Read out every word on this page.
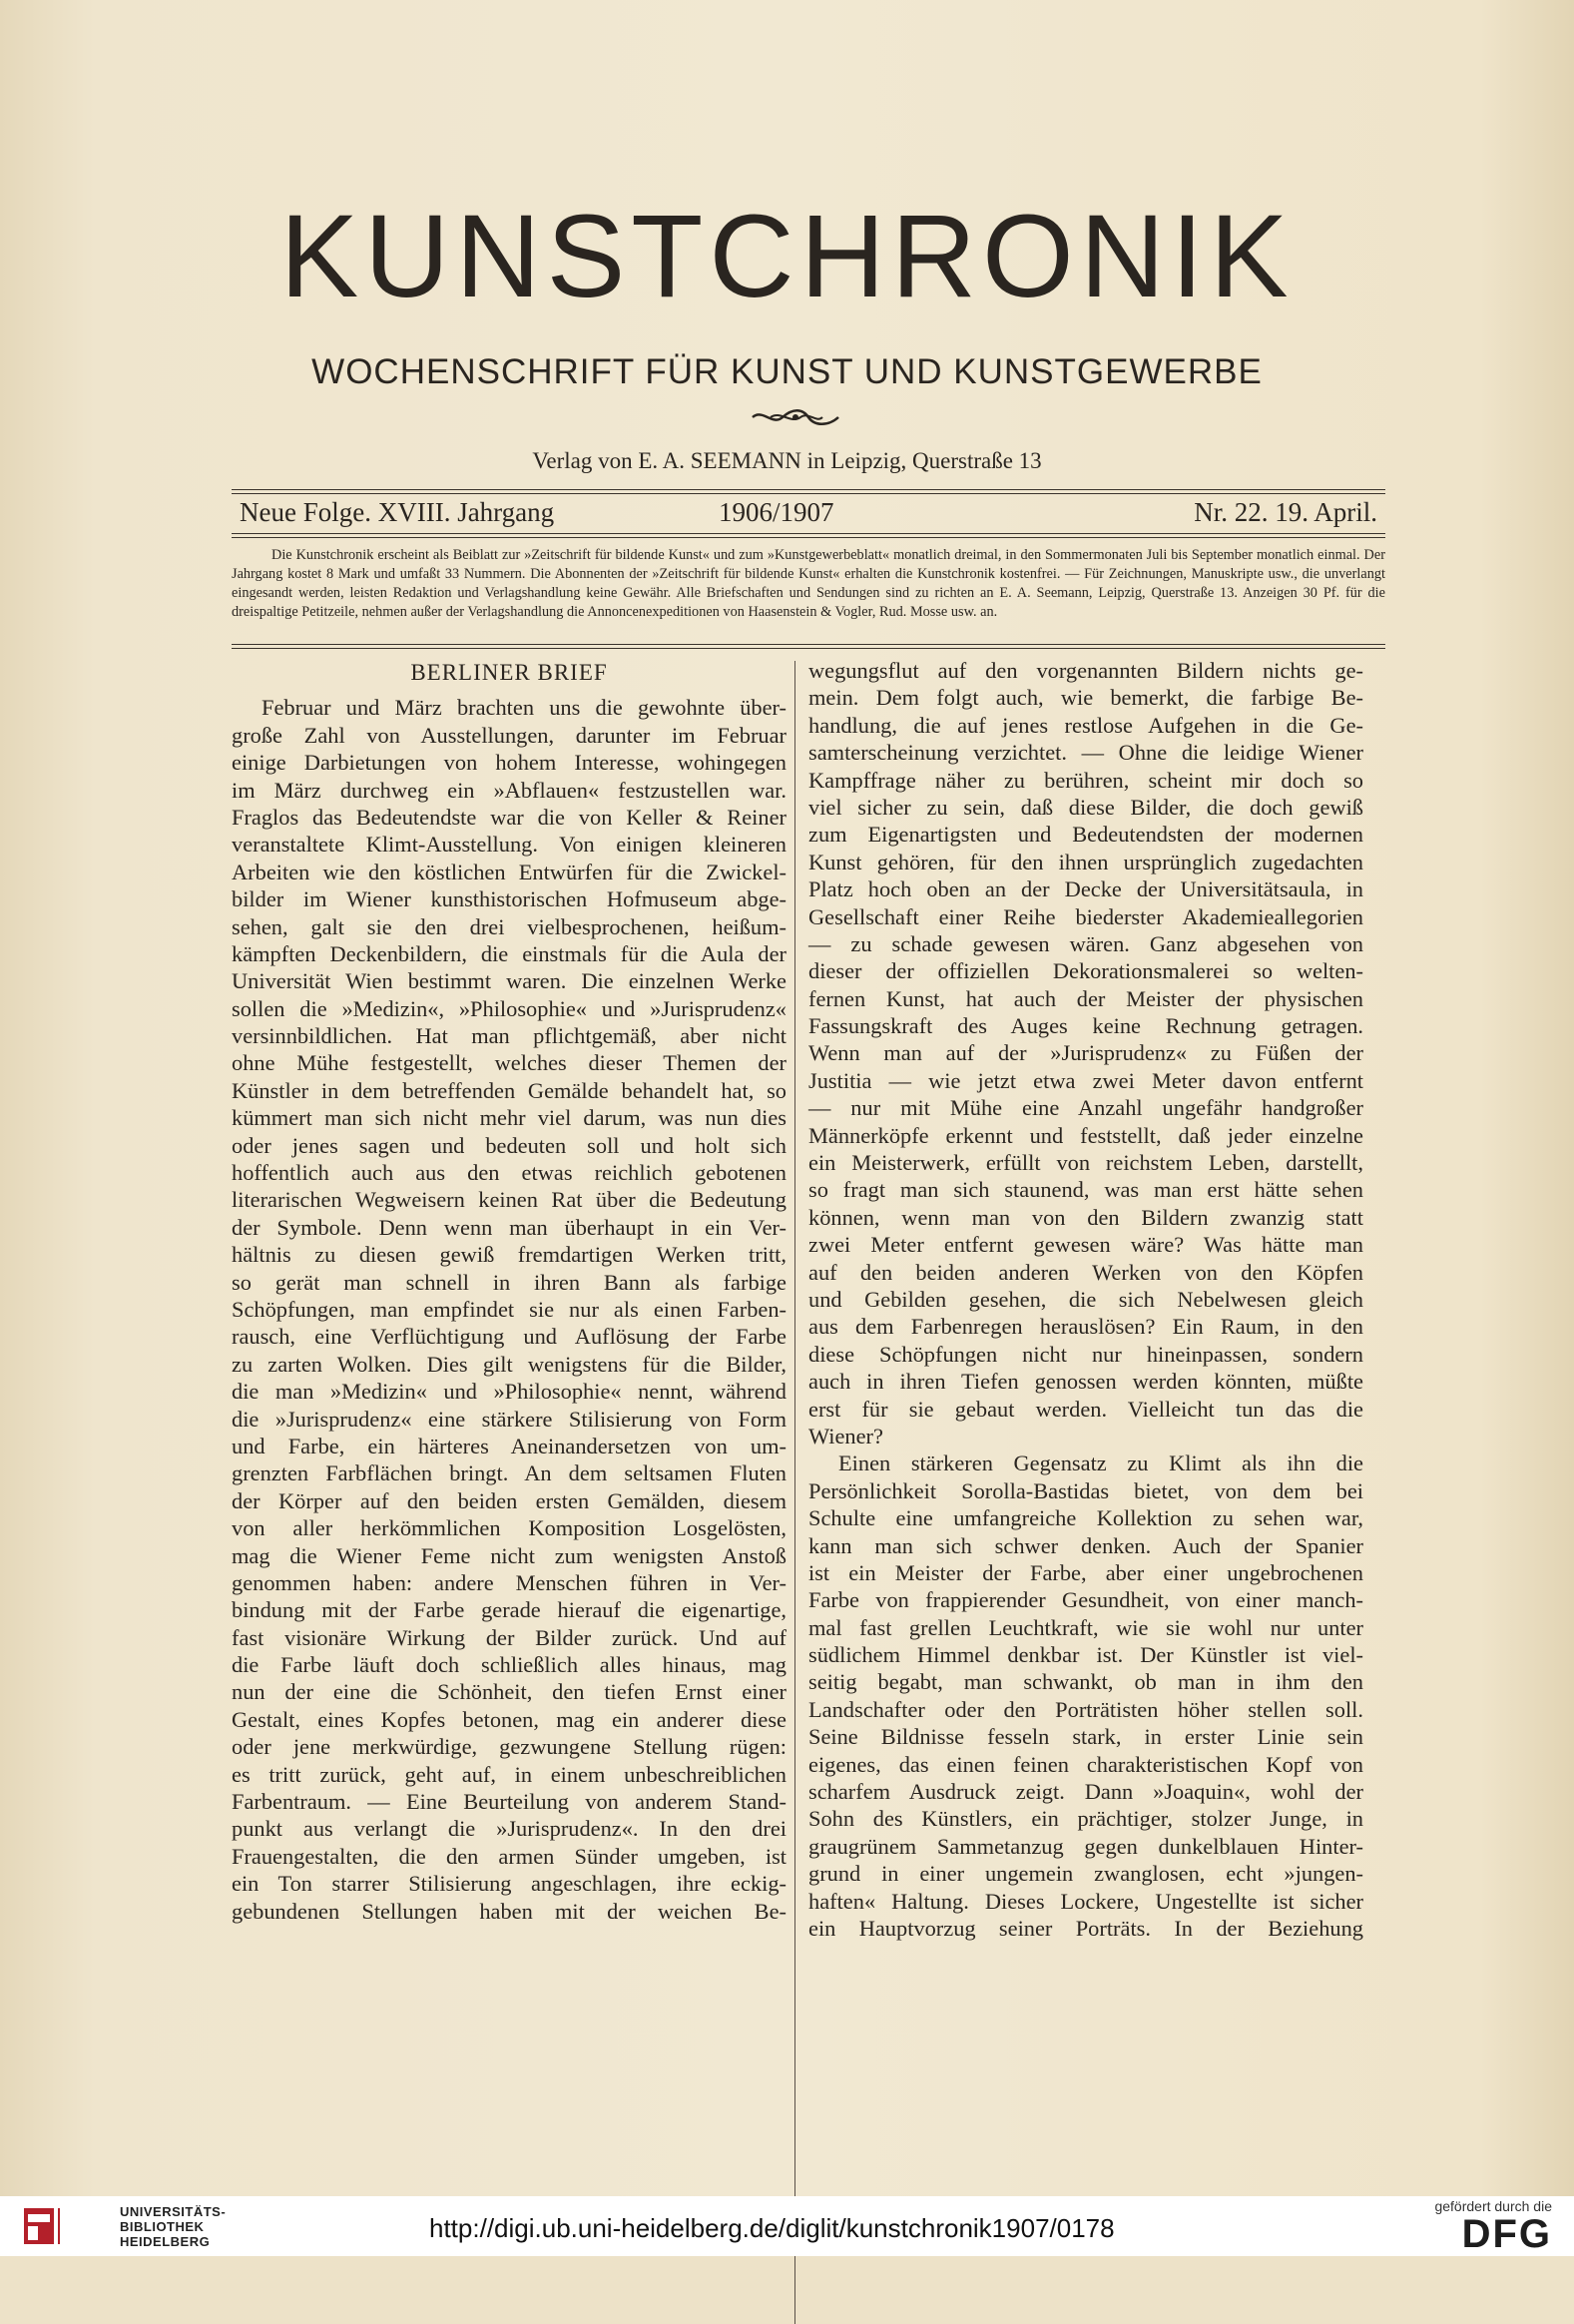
KUNSTCHRONIK
WOCHENSCHRIFT FÜR KUNST UND KUNSTGEWERBE
Verlag von E. A. SEEMANN in Leipzig, Querstraße 13
Neue Folge. XVIII. Jahrgang	1906/1907	Nr. 22. 19. April.

Die Kunstchronik erscheint als Beiblatt zur »Zeitschrift für bildende Kunst« und zum »Kunstgewerbeblatt« monatlich dreimal, in den Sommermonaten Juli bis September monatlich einmal. Der Jahrgang kostet 8 Mark und umfaßt 33 Nummern. Die Abonnenten der »Zeitschrift für bildende Kunst« erhalten die Kunstchronik kostenfrei. — Für Zeichnungen, Manuskripte usw., die unverlangt eingesandt werden, leisten Redaktion und Verlagshandlung keine Gewähr. Alle Briefschaften und Sendungen sind zu richten an E. A. Seemann, Leipzig, Querstraße 13. Anzeigen 30 Pf. für die dreispaltige Petitzeile, nehmen außer der Verlagshandlung die Annoncenexpeditionen von Haasenstein & Vogler, Rud. Mosse usw. an.

BERLINER BRIEF
Februar und März brachten uns die gewohnte über-
große Zahl von Ausstellungen, darunter im Februar
einige Darbietungen von hohem Interesse, wohingegen
im März durchweg ein »Abflauen« festzustellen war.
Fraglos das Bedeutendste war die von Keller & Reiner
veranstaltete Klimt-Ausstellung. Von einigen kleineren
Arbeiten wie den köstlichen Entwürfen für die Zwickel-
bilder im Wiener kunsthistorischen Hofmuseum abge-
sehen, galt sie den drei vielbesprochenen, heißum-
kämpften Deckenbildern, die einstmals für die Aula der
Universität Wien bestimmt waren. Die einzelnen Werke
sollen die »Medizin«, »Philosophie« und »Jurisprudenz«
versinnbildlichen. Hat man pflichtgemäß, aber nicht
ohne Mühe festgestellt, welches dieser Themen der
Künstler in dem betreffenden Gemälde behandelt hat, so
kümmert man sich nicht mehr viel darum, was nun dies
oder jenes sagen und bedeuten soll und holt sich
hoffentlich auch aus den etwas reichlich gebotenen
literarischen Wegweisern keinen Rat über die Bedeutung
der Symbole. Denn wenn man überhaupt in ein Ver-
hältnis zu diesen gewiß fremdartigen Werken tritt,
so gerät man schnell in ihren Bann als farbige
Schöpfungen, man empfindet sie nur als einen Farben-
rausch, eine Verflüchtigung und Auflösung der Farbe
zu zarten Wolken. Dies gilt wenigstens für die Bilder,
die man »Medizin« und »Philosophie« nennt, während
die »Jurisprudenz« eine stärkere Stilisierung von Form
und Farbe, ein härteres Aneinandersetzen von um-
grenzten Farbflächen bringt. An dem seltsamen Fluten
der Körper auf den beiden ersten Gemälden, diesem
von aller herkömmlichen Komposition Losgelösten,
mag die Wiener Feme nicht zum wenigsten Anstoß
genommen haben: andere Menschen führen in Ver-
bindung mit der Farbe gerade hierauf die eigenartige,
fast visionäre Wirkung der Bilder zurück. Und auf
die Farbe läuft doch schließlich alles hinaus, mag
nun der eine die Schönheit, den tiefen Ernst einer
Gestalt, eines Kopfes betonen, mag ein anderer diese
oder jene merkwürdige, gezwungene Stellung rügen:
es tritt zurück, geht auf, in einem unbeschreiblichen
Farbentraum. — Eine Beurteilung von anderem Stand-
punkt aus verlangt die »Jurisprudenz«. In den drei
Frauengestalten, die den armen Sünder umgeben, ist
ein Ton starrer Stilisierung angeschlagen, ihre eckig-
gebundenen Stellungen haben mit der weichen Be-
wegungsflut auf den vorgenannten Bildern nichts ge-
mein. Dem folgt auch, wie bemerkt, die farbige Be-
handlung, die auf jenes restlose Aufgehen in die Ge-
samterscheinung verzichtet. — Ohne die leidige Wiener
Kampffrage näher zu berühren, scheint mir doch so
viel sicher zu sein, daß diese Bilder, die doch gewiß
zum Eigenartigsten und Bedeutendsten der modernen
Kunst gehören, für den ihnen ursprünglich zugedachten
Platz hoch oben an der Decke der Universitätsaula, in
Gesellschaft einer Reihe biederster Akademieallegorien
— zu schade gewesen wären. Ganz abgesehen von
dieser der offiziellen Dekorationsmalerei so welten-
fernen Kunst, hat auch der Meister der physischen
Fassungskraft des Auges keine Rechnung getragen.
Wenn man auf der »Jurisprudenz« zu Füßen der
Justitia — wie jetzt etwa zwei Meter davon entfernt
— nur mit Mühe eine Anzahl ungefähr handgroßer
Männerköpfe erkennt und feststellt, daß jeder einzelne
ein Meisterwerk, erfüllt von reichstem Leben, darstellt,
so fragt man sich staunend, was man erst hätte sehen
können, wenn man von den Bildern zwanzig statt
zwei Meter entfernt gewesen wäre? Was hätte man
auf den beiden anderen Werken von den Köpfen
und Gebilden gesehen, die sich Nebelwesen gleich
aus dem Farbenregen herauslösen? Ein Raum, in den
diese Schöpfungen nicht nur hineinpassen, sondern
auch in ihren Tiefen genossen werden könnten, müßte
erst für sie gebaut werden. Vielleicht tun das die
Wiener?
Einen stärkeren Gegensatz zu Klimt als ihn die
Persönlichkeit Sorolla-Bastidas bietet, von dem bei
Schulte eine umfangreiche Kollektion zu sehen war,
kann man sich schwer denken. Auch der Spanier
ist ein Meister der Farbe, aber einer ungebrochenen
Farbe von frappierender Gesundheit, von einer manch-
mal fast grellen Leuchtkraft, wie sie wohl nur unter
südlichem Himmel denkbar ist. Der Künstler ist viel-
seitig begabt, man schwankt, ob man in ihm den
Landschafter oder den Porträtisten höher stellen soll.
Seine Bildnisse fesseln stark, in erster Linie sein
eigenes, das einen feinen charakteristischen Kopf von
scharfem Ausdruck zeigt. Dann »Joaquin«, wohl der
Sohn des Künstlers, ein prächtiger, stolzer Junge, in
graugrünem Sammetanzug gegen dunkelblauen Hinter-
grund in einer ungemein zwanglosen, echt »jungen-
haften« Haltung. Dieses Lockere, Ungestellte ist sicher
ein Hauptvorzug seiner Porträts. In der Beziehung
UNIVERSITÄTS-
BIBLIOTHEK
HEIDELBERG	http://digi.ub.uni-heidelberg.de/diglit/kunstchronik1907/0178
gefördert durch die
DFG
